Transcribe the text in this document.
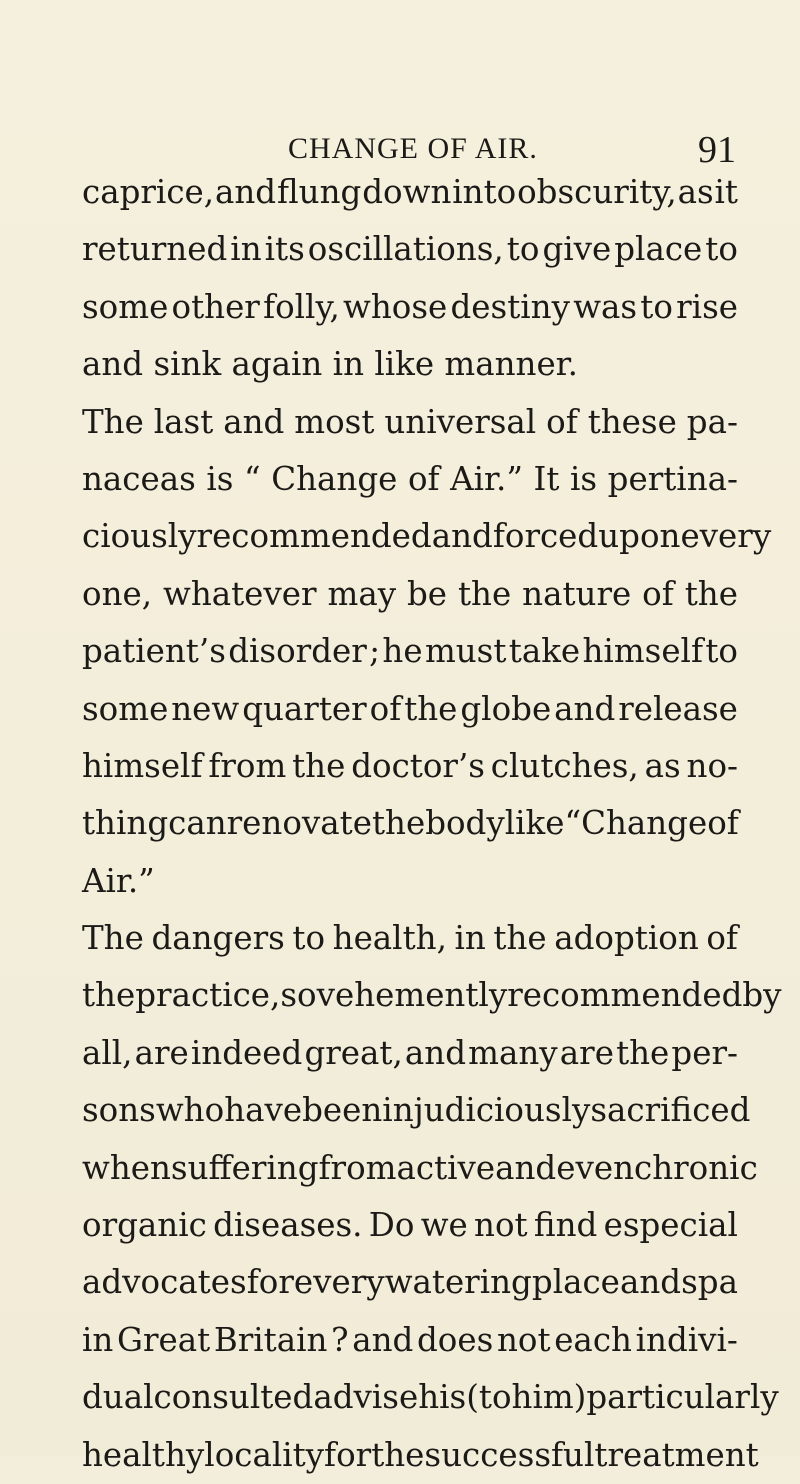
CHANGE OF AIR.	91
caprice, and flung down into obscurity, as it
returned in its oscillations, to give place to
some other folly, whose destiny was to rise
and sink again in like manner.
The last and most universal of these pa-
naceas is “ Change of Air.” It is pertina-
ciously recommended and forced upon every
one, whatever may be the nature of the
patient’s disorder ; he must take himself to
some new quarter of the globe and release
himself from the doctor’s clutches, as no-
thing can renovate the body like “ Change of
Air.”
The dangers to health, in the adoption of
the practice, so vehemently recommended by
all, are indeed great, and many are the per-
sons who have been injudiciously sacrificed
when suffering from active and even chronic
organic diseases. Do we not find especial
advocates for every watering place and spa
in Great Britain ? and does not each indivi-
dual consulted advise his (to him) particularly
healthy locality for the successful treatment
